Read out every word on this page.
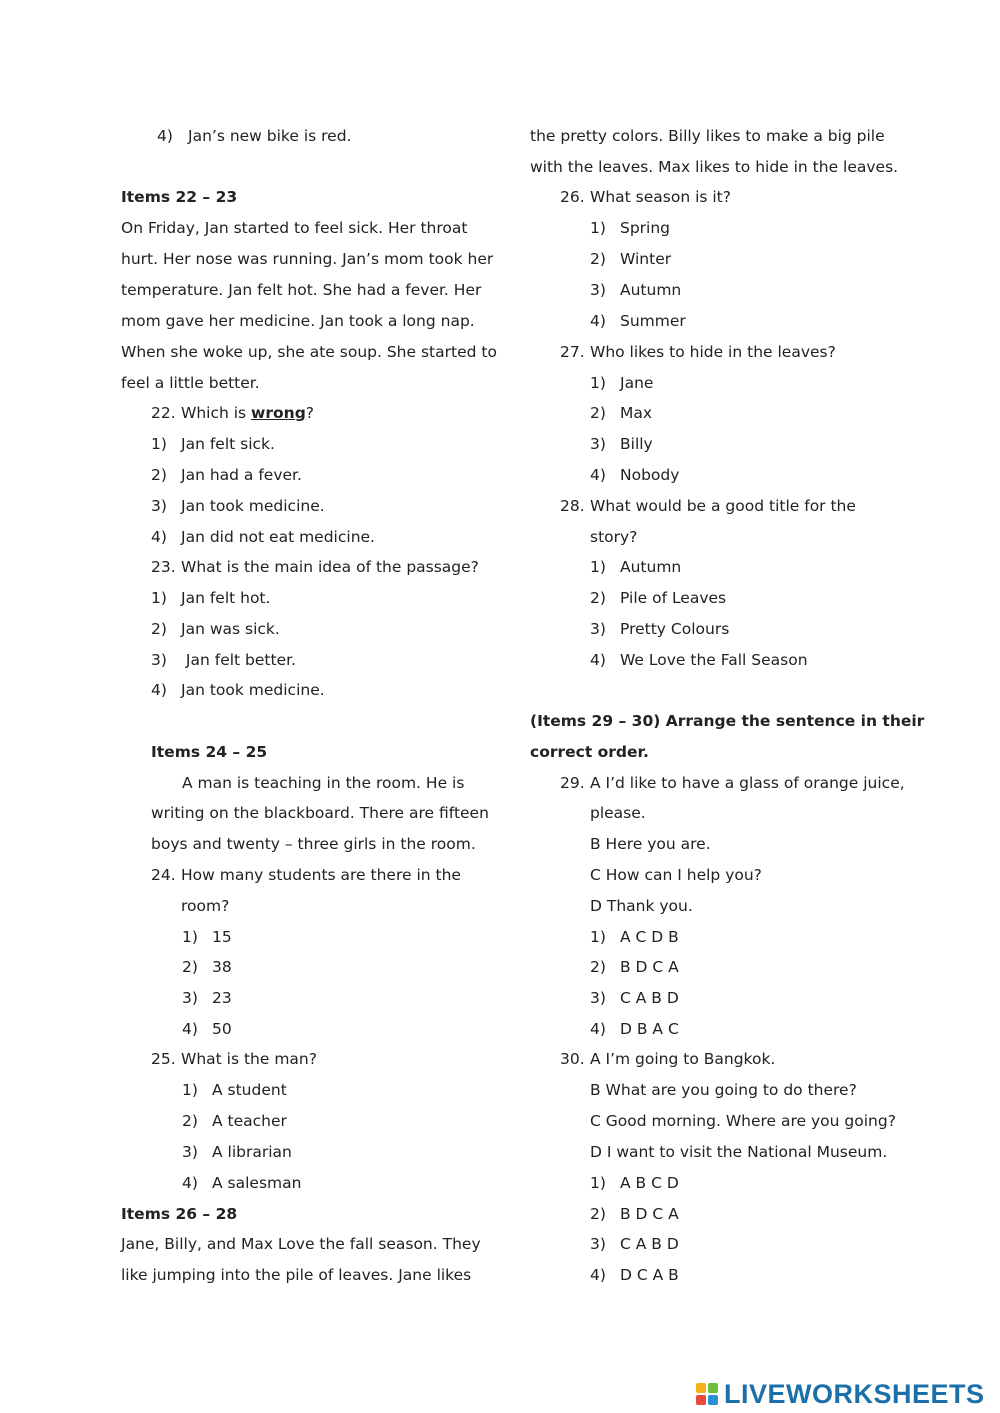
4) Jan’s new bike is red.
Items 22 – 23
On Friday, Jan started to feel sick. Her throat
hurt. Her nose was running. Jan’s mom took her
temperature. Jan felt hot. She had a fever. Her
mom gave her medicine. Jan took a long nap.
When she woke up, she ate soup. She started to
feel a little better.
22. Which is wrong?
1) Jan felt sick.
2) Jan had a fever.
3) Jan took medicine.
4) Jan did not eat medicine.
23. What is the main idea of the passage?
1) Jan felt hot.
2) Jan was sick.
3) Jan felt better.
4) Jan took medicine.
Items 24 – 25
A man is teaching in the room. He is
writing on the blackboard. There are fifteen
boys and twenty – three girls in the room.
24. How many students are there in the
room?
1) 15
2) 38
3) 23
4) 50
25. What is the man?
1) A student
2) A teacher
3) A librarian
4) A salesman
Items 26 – 28
Jane, Billy, and Max Love the fall season. They
like jumping into the pile of leaves. Jane likes
the pretty colors. Billy likes to make a big pile
with the leaves. Max likes to hide in the leaves.
26. What season is it?
1) Spring
2) Winter
3) Autumn
4) Summer
27. Who likes to hide in the leaves?
1) Jane
2) Max
3) Billy
4) Nobody
28. What would be a good title for the
story?
1) Autumn
2) Pile of Leaves
3) Pretty Colours
4) We Love the Fall Season
(Items 29 – 30) Arrange the sentence in their
correct order.
29. A I’d like to have a glass of orange juice,
please.
B Here you are.
C How can I help you?
D Thank you.
1) A C D B
2) B D C A
3) C A B D
4) D B A C
30. A I’m going to Bangkok.
B What are you going to do there?
C Good morning. Where are you going?
D I want to visit the National Museum.
1) A B C D
2) B D C A
3) C A B D
4) D C A B
LIVEWORKSHEETS
